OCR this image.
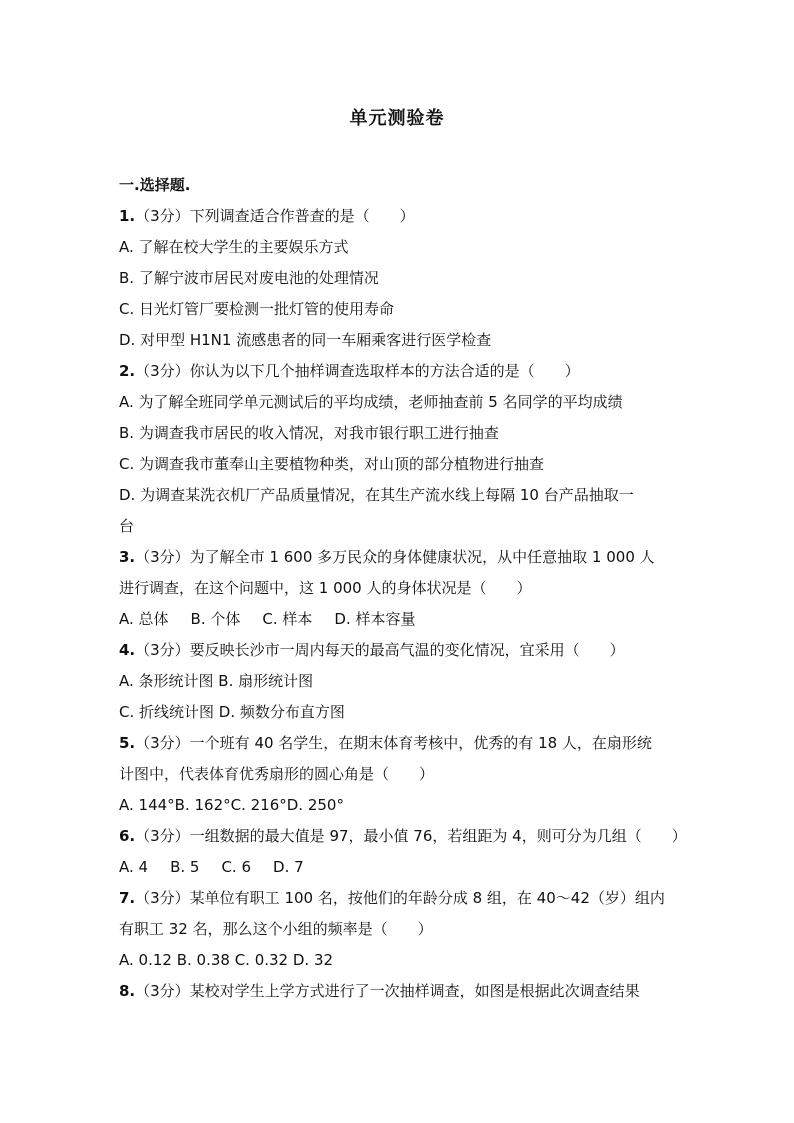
单元测验卷
一.选择题.
1.（3分）下列调查适合作普查的是（　　）
A. 了解在校大学生的主要娱乐方式
B. 了解宁波市居民对废电池的处理情况
C. 日光灯管厂要检测一批灯管的使用寿命
D. 对甲型 H1N1 流感患者的同一车厢乘客进行医学检查
2.（3分）你认为以下几个抽样调查选取样本的方法合适的是（　　）
A. 为了解全班同学单元测试后的平均成绩，老师抽查前 5 名同学的平均成绩
B. 为调查我市居民的收入情况，对我市银行职工进行抽查
C. 为调查我市董奉山主要植物种类，对山顶的部分植物进行抽查
D. 为调查某洗衣机厂产品质量情况，在其生产流水线上每隔 10 台产品抽取一
台
3.（3分）为了解全市 1 600 多万民众的身体健康状况，从中任意抽取 1 000 人
进行调查，在这个问题中，这 1 000 人的身体状况是（　　）
A. 总体 B. 个体 C. 样本 D. 样本容量
4.（3分）要反映长沙市一周内每天的最高气温的变化情况，宜采用（　　）
A. 条形统计图 B. 扇形统计图
C. 折线统计图 D. 频数分布直方图
5.（3分）一个班有 40 名学生，在期末体育考核中，优秀的有 18 人，在扇形统
计图中，代表体育优秀扇形的圆心角是（　　）
A. 144°B. 162°C. 216°D. 250°
6.（3分）一组数据的最大值是 97，最小值 76，若组距为 4，则可分为几组（　　）
A. 4 B. 5 C. 6 D. 7
7.（3分）某单位有职工 100 名，按他们的年龄分成 8 组，在 40～42（岁）组内
有职工 32 名，那么这个小组的频率是（　　）
A. 0.12 B. 0.38 C. 0.32 D. 32
8.（3分）某校对学生上学方式进行了一次抽样调查，如图是根据此次调查结果
